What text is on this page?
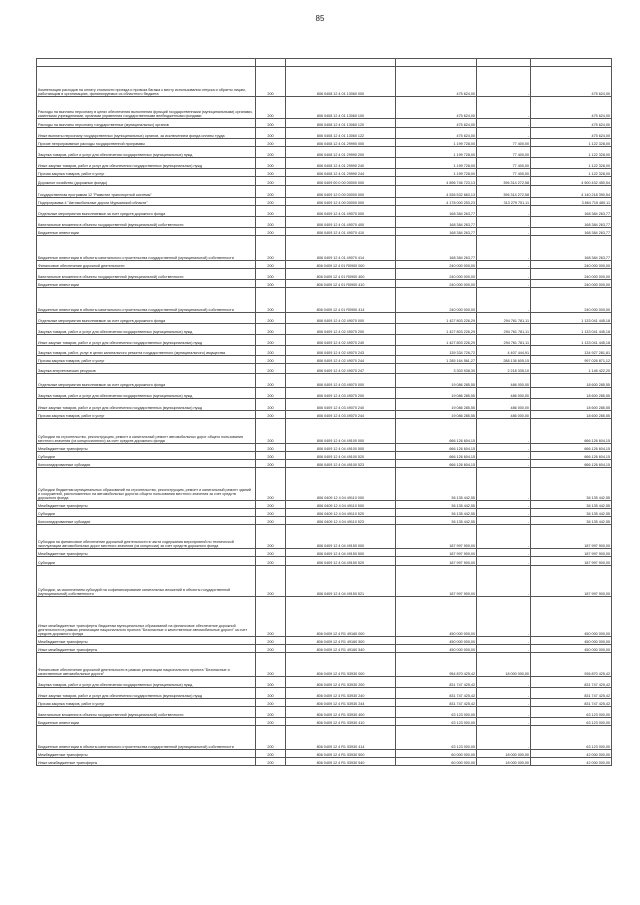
85

Компенсация расходов на оплату стоимости проезда и провоза багажа к месту использования отпуска и обратно лицам, работающим в организациях, финансируемых из областного бюджета	200	806 0408 12 4 01 13060 000	475 624,00	-	475 624,00
Расходы на выплаты персоналу в целях обеспечения выполнения функций государственными (муниципальными) органами, казенными учреждениями, органами управления государственными внебюджетными фондами	200	806 0408 12 4 01 13060 100	475 624,00	-	475 624,00
Расходы на выплаты персоналу государственных (муниципальных) органов	200	806 0408 12 4 01 13060 120	475 624,00	-	475 624,00
Иные выплаты персоналу государственных (муниципальных) органов, за исключением фонда оплаты труда	200	806 0408 12 4 01 13060 122	475 624,00	-	475 624,00
Прочие непрограммные расходы государственной программы	200	806 0408 12 4 01 29990 000	1 199 728,00	77 400,00	1 122 328,00
Закупка товаров, работ и услуг для обеспечения государственных (муниципальных) нужд	200	806 0408 12 4 01 29990 200	1 199 728,00	77 400,00	1 122 328,00
Иные закупки товаров, работ и услуг для обеспечения государственных (муниципальных) нужд	200	806 0408 12 4 01 29990 240	1 199 728,00	77 400,00	1 122 328,00
Прочая закупка товаров, работ и услуг	200	806 0408 12 4 01 29990 244	1 199 728,00	77 400,00	1 122 328,00
Дорожное хозяйство (дорожные фонды)	200	806 0409 00 0 00 00000 000	4 896 746 723,13	396 314 272,58	4 500 432 450,54
Государственная программа 12 "Развитие транспортной системы"	200	806 0409 12 0 00 00000 000	4 536 532 663,13	396 314 272,58	4 140 218 390,54
Подпрограмма 4 "Автомобильные дороги Мурманской области"	200	806 0409 12 4 00 00000 000	4 178 000 253,23	313 279 751,11	3 864 715 480,11
Отдельные мероприятия выполняемые за счет средств дорожного фонда	200	806 0409 12 4 01 49070 000	168 384 263,77	-	168 384 263,77
Капитальные вложения в объекты государственной (муниципальной) собственности	200	806 0409 12 4 01 49070 400	168 384 263,77	-	168 384 263,77
Бюджетные инвестиции	200	806 0409 12 4 01 49070 410	168 384 263,77	-	168 384 263,77
Бюджетные инвестиции в объекты капитального строительства государственной (муниципальной) собственности	200	806 0409 12 4 01 49070 414	168 384 263,77	-	168 384 263,77
Финансовое обеспечение дорожной деятельности	200	806 0409 12 4 01 R0900 000	240 000 000,00	-	240 000 000,00
Капитальные вложения в объекты государственной (муниципальной) собственности	200	806 0409 12 4 01 R0900 400	240 000 000,00	-	240 000 000,00
Бюджетные инвестиции	200	806 0409 12 4 01 R0900 410	240 000 000,00	-	240 000 000,00
Бюджетные инвестиции в объекты капитального строительства государственной (муниципальной) собственности	200	806 0409 12 4 01 R0900 414	240 000 000,00	-	240 000 000,00
Отдельные мероприятия выполняемые за счет средств дорожного фонда	200	806 0409 12 4 02 49070 000	1 427 803 226,29	294 761 781,11	1 133 041 445,18
Закупка товаров, работ и услуг для обеспечения государственных (муниципальных) нужд	200	806 0409 12 4 02 49070 200	1 427 803 226,29	294 761 781,11	1 133 041 445,18
Иные закупки товаров, работ и услуг для обеспечения государственных (муниципальных) нужд	200	806 0409 12 4 02 49070 240	1 427 803 226,29	294 761 781,11	1 133 041 445,18
Закупка товаров, работ, услуг в целях капитального ремонта государственного (муниципального) имущества	200	806 0409 12 4 02 49070 243	139 334 726,72	4 407 444,91	134 927 281,81
Прочая закупка товаров, работ и услуг	200	806 0409 12 4 02 49070 244	1 285 164 561,27	288 136 605,15	997 026 871,12
Закупка энергетических ресурсов	200	806 0409 12 4 02 49070 247	3 303 938,30	2 218 335,10	1 146 422,20
Отдельные мероприятия выполняемые за счет средств дорожного фонда	200	806 0409 12 4 03 49070 000	19 086 285,55	486 000,00	18 600 285,55
Закупка товаров, работ и услуг для обеспечения государственных (муниципальных) нужд	200	806 0409 12 4 03 49070 200	19 086 285,55	486 000,00	18 600 285,55
Иные закупки товаров, работ и услуг для обеспечения государственных (муниципальных) нужд	200	806 0409 12 4 03 49070 240	19 086 285,55	486 000,00	18 600 285,55
Прочая закупка товаров, работ и услуг	200	806 0409 12 4 03 49070 244	19 086 285,55	486 000,00	18 600 285,55
Субсидии на строительство, реконструкцию, ремонт и капитальный ремонт автомобильных дорог общего пользования местного значения (из концессионного) за счет средств дорожного фонда	200	806 0409 12 4 04 49100 000	666 126 604,15	-	666 126 604,15
Межбюджетные трансферты	200	806 0409 12 4 04 49100 500	666 126 604,15	-	666 126 604,15
Субсидии	200	806 0409 12 4 04 49100 520	666 126 604,15	-	666 126 604,15
Консолидированные субсидии	200	806 0409 12 4 04 49100 523	666 126 604,15	-	666 126 604,15
Субсидии бюджетам муниципальных образований на строительство, реконструкцию, ремонт и капитальный ремонт зданий и сооружений, расположенных на автомобильных дорогах общего пользования местного значения за счет средств дорожного фонда	200	806 0409 12 4 04 49110 000	36 135 442,55	-	36 135 442,55
Межбюджетные трансферты	200	806 0409 12 4 04 49110 500	36 135 442,55	-	36 135 442,55
Субсидии	200	806 0409 12 4 04 49110 520	36 135 442,55	-	36 135 442,55
Консолидированные субсидии	200	806 0409 12 4 04 49110 523	36 135 442,55	-	36 135 442,55
Субсидия на финансовое обеспечение дорожной деятельности в части содержания мероприятий по технической эксплуатации автомобильных дорог местного значения (из концессии) за счет средств дорожного фонда	200	806 0409 12 4 04 49150 000	187 997 900,00	-	187 997 900,00
Межбюджетные трансферты	200	806 0409 12 4 04 49150 500	187 997 900,00	-	187 997 900,00
Субсидии	200	806 0409 12 4 04 49150 520	187 997 900,00	-	187 997 900,00
Субсидии, за исключением субсидий на софинансирование капитальных вложений в объекты государственной (муниципальной) собственности	200	806 0409 12 4 04 49150 521	187 997 900,00	-	187 997 900,00
Иные межбюджетные трансферты бюджетам муниципальных образований на финансовое обеспечение дорожной деятельности в рамках реализации национального проекта "Безопасные и качественные автомобильные дороги" за счет средств дорожного фонда	200	806 0409 12 4 R1 49160 000	450 000 000,00	-	450 000 000,00
Межбюджетные трансферты	200	806 0409 12 4 R1 49160 500	450 000 000,00	-	450 000 000,00
Иные межбюджетные трансферты	200	806 0409 12 4 R1 49160 540	450 000 000,00	-	450 000 000,00
Финансовое обеспечение дорожной деятельности в рамках реализации национального проекта "Безопасные и качественные автомобильные дороги"	200	806 0409 12 4 R1 53930 000	954 870 425,42	18 000 000,00	936 870 425,42
Закупка товаров, работ и услуг для обеспечения государственных (муниципальных) нужд	200	806 0409 12 4 R1 53930 200	831 747 425,42	-	831 747 425,42
Иные закупки товаров, работ и услуг для обеспечения государственных (муниципальных) нужд	200	806 0409 12 4 R1 53930 240	831 747 425,42	-	831 747 425,42
Прочая закупка товаров, работ и услуг	200	806 0409 12 4 R1 53930 244	831 747 425,42	-	831 747 425,42
Капитальные вложения в объекты государственной (муниципальной) собственности	200	806 0409 12 4 R1 53930 400	63 123 000,00	-	63 123 000,00
Бюджетные инвестиции	200	806 0409 12 4 R1 53930 410	63 123 000,00	-	63 123 000,00
Бюджетные инвестиции в объекты капитального строительства государственной (муниципальной) собственности	200	806 0409 12 4 R1 53930 414	63 123 000,00	-	63 123 000,00
Межбюджетные трансферты	200	806 0409 12 4 R1 53930 500	60 000 000,00	18 000 000,00	42 000 000,00
Иные межбюджетные трансферты	200	806 0409 12 4 R1 53930 540	60 000 000,00	18 000 000,00	42 000 000,00
